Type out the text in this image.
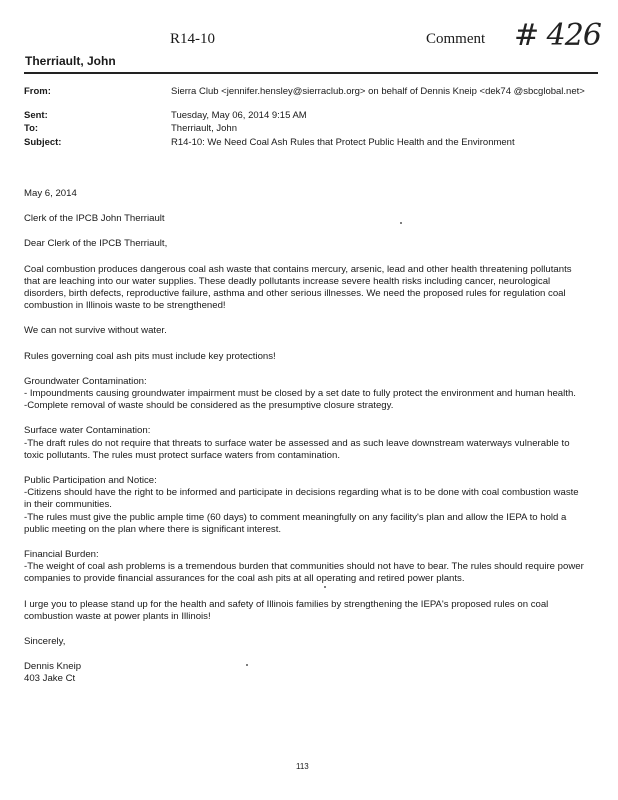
R14-10	Comment # 426
Therriault, John
From:	Sierra Club <jennifer.hensley@sierraclub.org> on behalf of Dennis Kneip <dek74 @sbcglobal.net>
Sent:	Tuesday, May 06, 2014 9:15 AM
To:	Therriault, John
Subject:	R14-10: We Need Coal Ash Rules that Protect Public Health and the Environment

May 6, 2014

Clerk of the IPCB John Therriault

Dear Clerk of the IPCB Therriault,

Coal combustion produces dangerous coal ash waste that contains mercury, arsenic, lead and other health threatening pollutants that are leaching into our water supplies. These deadly pollutants increase severe health risks including cancer, neurological disorders, birth defects, reproductive failure, asthma and other serious illnesses. We need the proposed rules for regulation coal combustion in Illinois waste to be strengthened!

We can not survive without water.

Rules governing coal ash pits must include key protections!

Groundwater Contamination:
- Impoundments causing groundwater impairment must be closed by a set date to fully protect the environment and human health.
-Complete removal of waste should be considered as the presumptive closure strategy.
Surface water Contamination:
-The draft rules do not require that threats to surface water be assessed and as such leave downstream waterways vulnerable to toxic pollutants. The rules must protect surface waters from contamination.
Public Participation and Notice:
-Citizens should have the right to be informed and participate in decisions regarding what is to be done with coal combustion waste in their communities.
-The rules must give the public ample time (60 days) to comment meaningfully on any facility's plan and allow the IEPA to hold a public meeting on the plan where there is significant interest.
Financial Burden:
-The weight of coal ash problems is a tremendous burden that communities should not have to bear. The rules should require power companies to provide financial assurances for the coal ash pits at all operating and retired power plants.

I urge you to please stand up for the health and safety of Illinois families by strengthening the IEPA's proposed rules on coal combustion waste at power plants in Illinois!

Sincerely,

Dennis Kneip
403 Jake Ct
113
